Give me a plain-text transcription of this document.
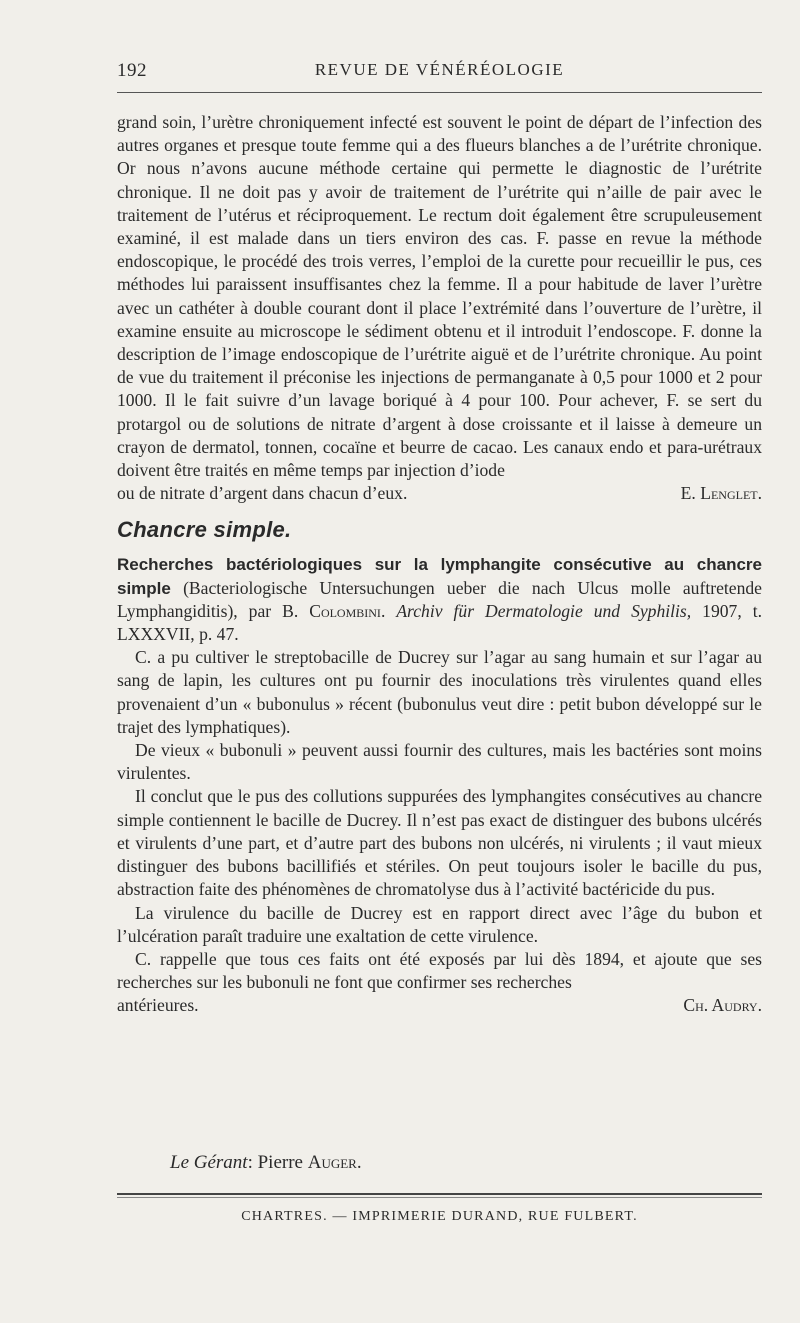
192	REVUE DE VÉNÉRÉOLOGIE

grand soin, l’urètre chroniquement infecté est souvent le point de départ de l’infection des autres organes et presque toute femme qui a des flueurs blanches a de l’urétrite chronique. Or nous n’avons aucune méthode certaine qui permette le diagnostic de l’urétrite chronique. Il ne doit pas y avoir de traitement de l’urétrite qui n’aille de pair avec le traitement de l’utérus et réciproquement. Le rectum doit également être scrupuleusement examiné, il est malade dans un tiers environ des cas. F. passe en revue la méthode endoscopique, le procédé des trois verres, l’emploi de la curette pour recueillir le pus, ces méthodes lui paraissent insuffisantes chez la femme. Il a pour habitude de laver l’urètre avec un cathéter à double courant dont il place l’extrémité dans l’ouverture de l’urètre, il examine ensuite au microscope le sédiment obtenu et il introduit l’endoscope. F. donne la description de l’image endoscopique de l’urétrite aiguë et de l’urétrite chronique. Au point de vue du traitement il préconise les injections de permanganate à 0,5 pour 1000 et 2 pour 1000. Il le fait suivre d’un lavage boriqué à 4 pour 100. Pour achever, F. se sert du protargol ou de solutions de nitrate d’argent à dose croissante et il laisse à demeure un crayon de dermatol, tonnen, cocaïne et beurre de cacao. Les canaux endo et para-urétraux doivent être traités en même temps par injection d’iode

ou de nitrate d’argent dans chacun d’eux.	E. Lenglet.

Chancre simple.

Recherches bactériologiques sur la lymphangite consécutive au chancre simple (Bacteriologische Untersuchungen ueber die nach Ulcus molle auftretende Lymphangiditis), par B. Colombini. Archiv für Dermatologie und Syphilis, 1907, t. LXXXVII, p. 47.

C. a pu cultiver le streptobacille de Ducrey sur l’agar au sang humain et sur l’agar au sang de lapin, les cultures ont pu fournir des inoculations très virulentes quand elles provenaient d’un « bubonulus » récent (bubonulus veut dire : petit bubon développé sur le trajet des lymphatiques).

De vieux « bubonuli » peuvent aussi fournir des cultures, mais les bactéries sont moins virulentes.

Il conclut que le pus des collutions suppurées des lymphangites consécutives au chancre simple contiennent le bacille de Ducrey. Il n’est pas exact de distinguer des bubons ulcérés et virulents d’une part, et d’autre part des bubons non ulcérés, ni virulents ; il vaut mieux distinguer des bubons bacillifiés et stériles. On peut toujours isoler le bacille du pus, abstraction faite des phénomènes de chromatolyse dus à l’activité bactéricide du pus.

La virulence du bacille de Ducrey est en rapport direct avec l’âge du bubon et l’ulcération paraît traduire une exaltation de cette virulence.

C. rappelle que tous ces faits ont été exposés par lui dès 1894, et ajoute que ses recherches sur les bubonuli ne font que confirmer ses recherches

antérieures.	Ch. Audry.

Le Gérant: Pierre Auger.
CHARTRES. — IMPRIMERIE DURAND, RUE FULBERT.
